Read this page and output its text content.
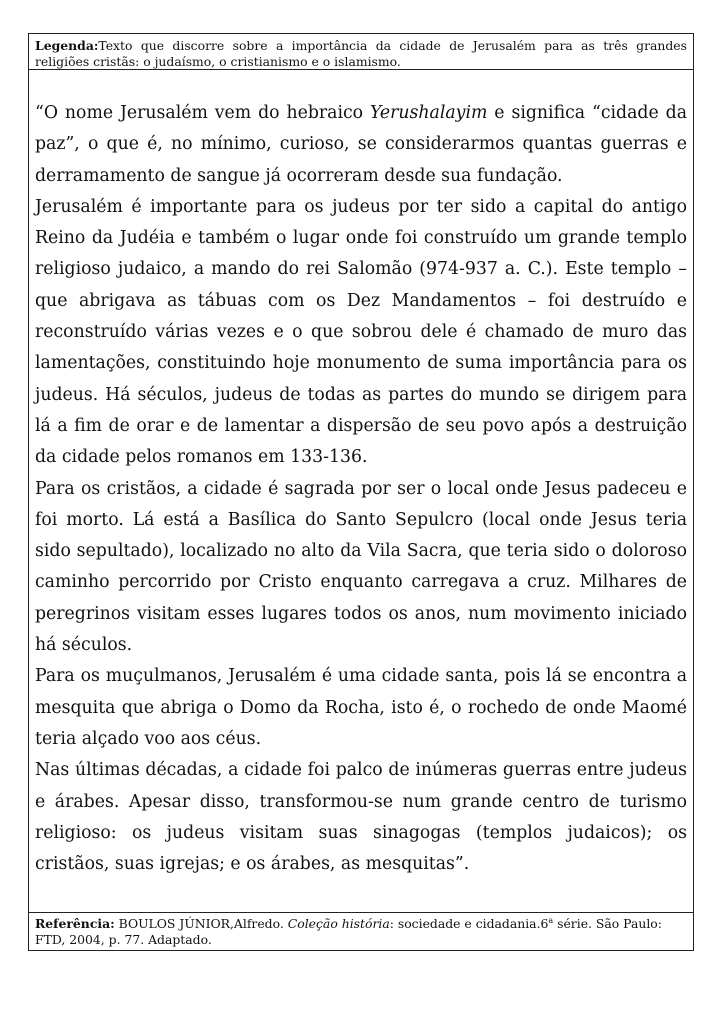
Legenda:Texto que discorre sobre a importância da cidade de Jerusalém para as três grandes religiões cristãs: o judaísmo, o cristianismo e o islamismo.

“O nome Jerusalém vem do hebraico Yerushalayim e significa “cidade da paz”, o que é, no mínimo, curioso, se considerarmos quantas guerras e derramamento de sangue já ocorreram desde sua fundação.

Jerusalém é importante para os judeus por ter sido a capital do antigo Reino da Judéia e também o lugar onde foi construído um grande templo religioso judaico, a mando do rei Salomão (974-937 a. C.). Este templo – que abrigava as tábuas com os Dez Mandamentos – foi destruído e reconstruído várias vezes e o que sobrou dele é chamado de muro das lamentações, constituindo hoje monumento de suma importância para os judeus. Há séculos, judeus de todas as partes do mundo se dirigem para lá a fim de orar e de lamentar a dispersão de seu povo após a destruição da cidade pelos romanos em 133-136.

Para os cristãos, a cidade é sagrada por ser o local onde Jesus padeceu e foi morto. Lá está a Basílica do Santo Sepulcro (local onde Jesus teria sido sepultado), localizado no alto da Vila Sacra, que teria sido o doloroso caminho percorrido por Cristo enquanto carregava a cruz. Milhares de peregrinos visitam esses lugares todos os anos, num movimento iniciado há séculos.

Para os muçulmanos, Jerusalém é uma cidade santa, pois lá se encontra a mesquita que abriga o Domo da Rocha, isto é, o rochedo de onde Maomé teria alçado voo aos céus.

Nas últimas décadas, a cidade foi palco de inúmeras guerras entre judeus e árabes. Apesar disso, transformou-se num grande centro de turismo religioso: os judeus visitam suas sinagogas (templos judaicos); os cristãos, suas igrejas; e os árabes, as mesquitas”.

Referência: BOULOS JÚNIOR,Alfredo. Coleção história: sociedade e cidadania.6$^a$ série. São Paulo: FTD, 2004, p. 77. Adaptado.
